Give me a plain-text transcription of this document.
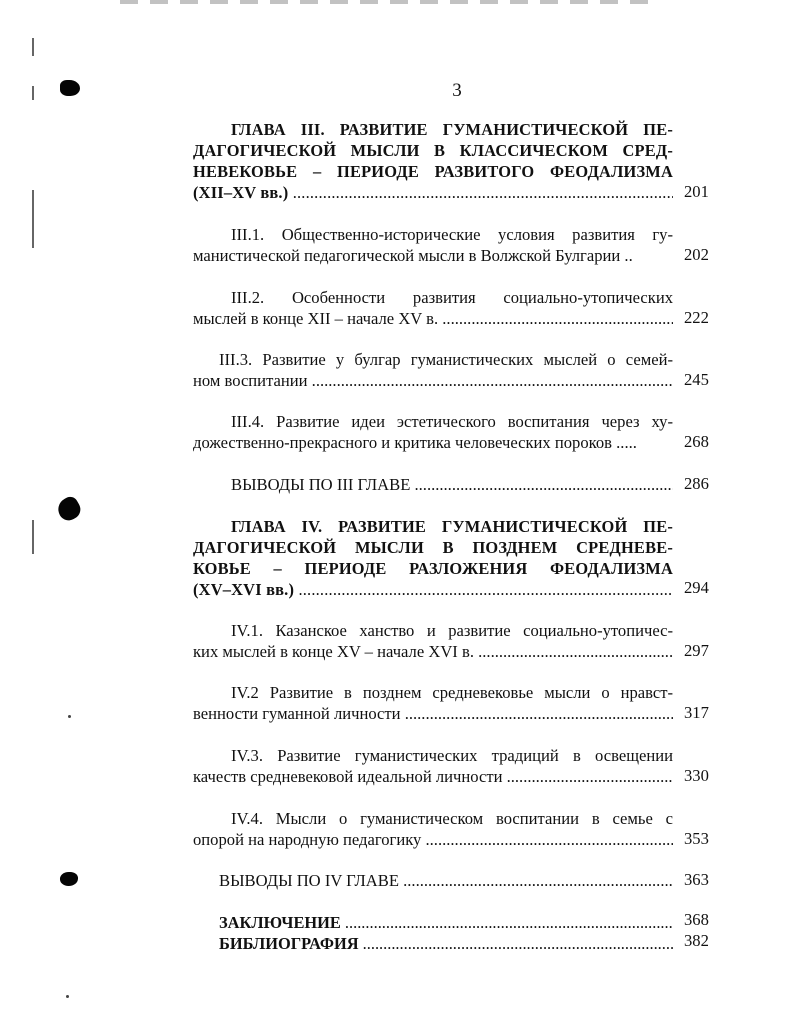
3
ГЛАВА III. РАЗВИТИЕ ГУМАНИСТИЧЕСКОЙ ПЕ-
ДАГОГИЧЕСКОЙ МЫСЛИ В КЛАССИЧЕСКОМ СРЕД-
НЕВЕКОВЬЕ – ПЕРИОДЕ РАЗВИТОГО ФЕОДАЛИЗМА
(XII–XV вв.) .....	201
III.1. Общественно-исторические условия развития гу-
манистической педагогической мысли в Волжской Булгарии ..	202
III.2. Особенности развития социально-утопических
мыслей в конце XII – начале XV в. .....	222
III.3. Развитие у булгар гуманистических мыслей о семей-
ном воспитании .....	245
III.4. Развитие идеи эстетического воспитания через ху-
дожественно-прекрасного и критика человеческих пороков .....	268
ВЫВОДЫ ПО III ГЛАВЕ .....	286
ГЛАВА IV. РАЗВИТИЕ ГУМАНИСТИЧЕСКОЙ ПЕ-
ДАГОГИЧЕСКОЙ МЫСЛИ В ПОЗДНЕМ СРЕДНЕВЕ-
КОВЬЕ – ПЕРИОДЕ РАЗЛОЖЕНИЯ ФЕОДАЛИЗМА
(XV–XVI вв.) .....	294
IV.1. Казанское ханство и развитие социально-утопичес-
ких мыслей в конце XV – начале XVI в. .....	297
IV.2 Развитие в позднем средневековье мысли о нравст-
венности гуманной личности .....	317
IV.3. Развитие гуманистических традиций в освещении
качеств средневековой идеальной личности .....	330
IV.4. Мысли о гуманистическом воспитании в семье с
опорой на народную педагогику .....	353
ВЫВОДЫ ПО IV ГЛАВЕ .....	363
ЗАКЛЮЧЕНИЕ .....	368
БИБЛИОГРАФИЯ .....	382
